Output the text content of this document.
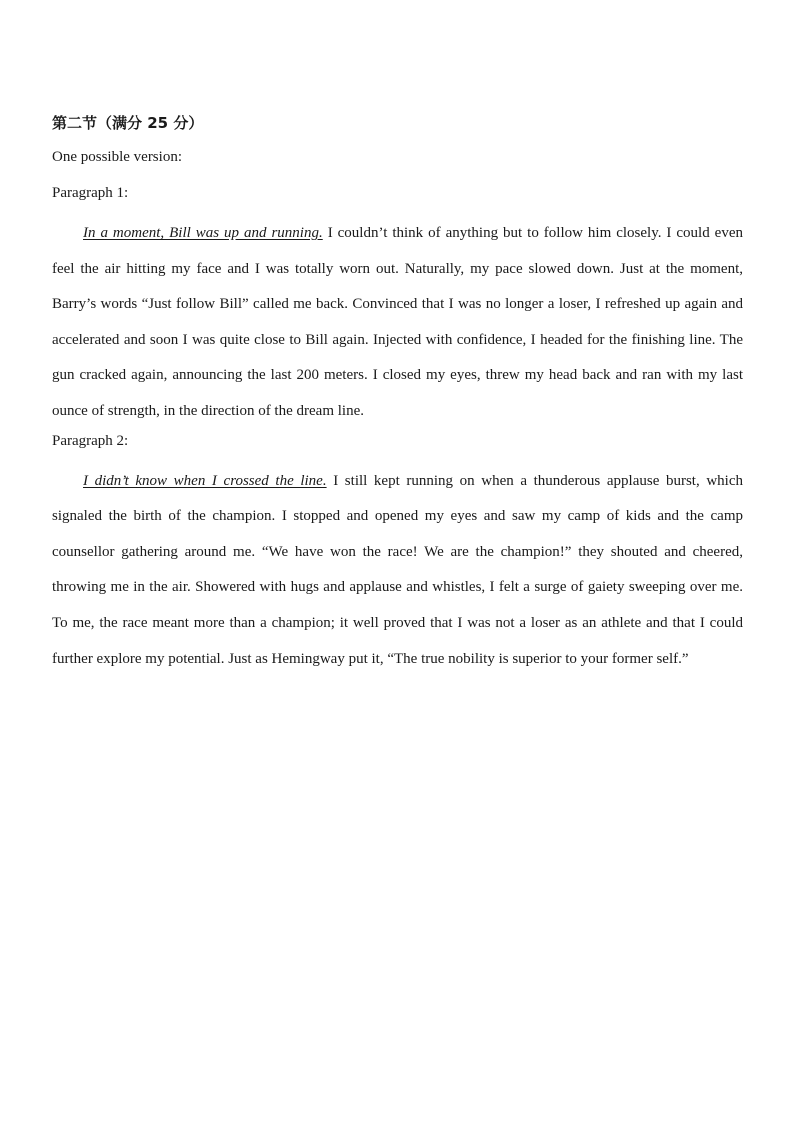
第二节（满分 25 分）
One possible version:
Paragraph 1:

In a moment, Bill was up and running. I couldn’t think of anything but to follow him closely. I could even feel the air hitting my face and I was totally worn out. Naturally, my pace slowed down. Just at the moment, Barry’s words “Just follow Bill” called me back. Convinced that I was no longer a loser, I refreshed up again and accelerated and soon I was quite close to Bill again. Injected with confidence, I headed for the finishing line. The gun cracked again, announcing the last 200 meters. I closed my eyes, threw my head back and ran with my last ounce of strength, in the direction of the dream line.

Paragraph 2:

I didn’t know when I crossed the line. I still kept running on when a thunderous applause burst, which signaled the birth of the champion. I stopped and opened my eyes and saw my camp of kids and the camp counsellor gathering around me. “We have won the race! We are the champion!” they shouted and cheered, throwing me in the air. Showered with hugs and applause and whistles, I felt a surge of gaiety sweeping over me. To me, the race meant more than a champion; it well proved that I was not a loser as an athlete and that I could further explore my potential. Just as Hemingway put it, “The true nobility is superior to your former self.”
